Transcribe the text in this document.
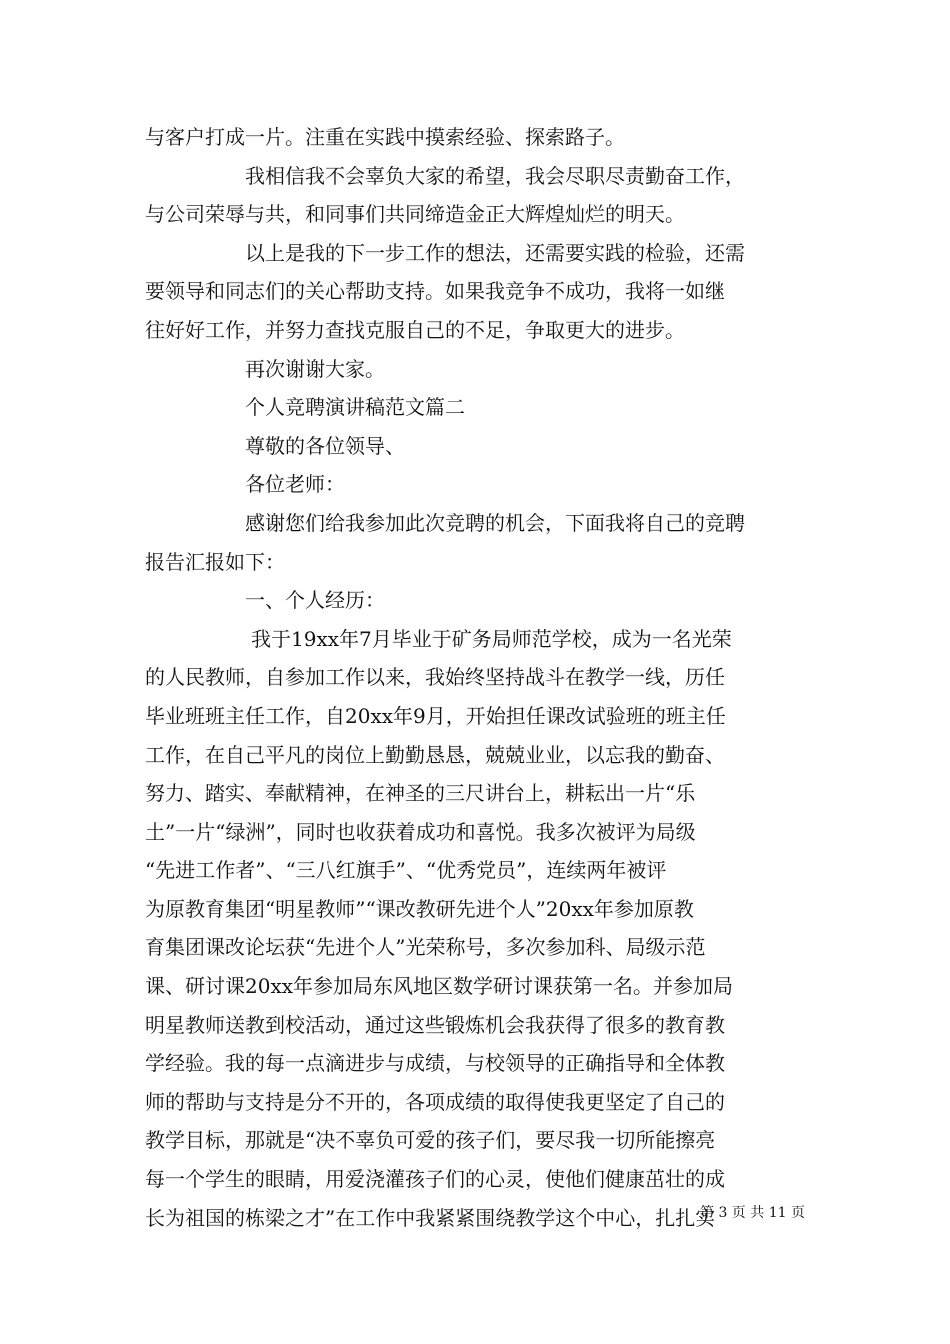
与客户打成一片。注重在实践中摸索经验、探索路子。
我相信我不会辜负大家的希望，我会尽职尽责勤奋工作，
与公司荣辱与共，和同事们共同缔造金正大辉煌灿烂的明天。
以上是我的下一步工作的想法，还需要实践的检验，还需
要领导和同志们的关心帮助支持。如果我竞争不成功，我将一如继
往好好工作，并努力查找克服自己的不足，争取更大的进步。
再次谢谢大家。
个人竞聘演讲稿范文篇二
尊敬的各位领导、
各位老师：
感谢您们给我参加此次竞聘的机会，下面我将自己的竞聘
报告汇报如下：
一、个人经历：
我于19xx年7月毕业于矿务局师范学校，成为一名光荣
的人民教师，自参加工作以来，我始终坚持战斗在教学一线，历任
毕业班班主任工作，自20xx年9月，开始担任课改试验班的班主任
工作，在自己平凡的岗位上勤勤恳恳，兢兢业业，以忘我的勤奋、
努力、踏实、奉献精神，在神圣的三尺讲台上，耕耘出一片“乐
土”一片“绿洲”，同时也收获着成功和喜悦。我多次被评为局级
“先进工作者”、“三八红旗手”、“优秀党员”，连续两年被评
为原教育集团“明星教师”“课改教研先进个人”20xx年参加原教
育集团课改论坛获“先进个人”光荣称号，多次参加科、局级示范
课、研讨课20xx年参加局东风地区数学研讨课获第一名。并参加局
明星教师送教到校活动，通过这些锻炼机会我获得了很多的教育教
学经验。我的每一点滴进步与成绩，与校领导的正确指导和全体教
师的帮助与支持是分不开的，各项成绩的取得使我更坚定了自己的
教学目标，那就是“决不辜负可爱的孩子们，要尽我一切所能擦亮
每一个学生的眼睛，用爱浇灌孩子们的心灵，使他们健康茁壮的成
长为祖国的栋梁之才”在工作中我紧紧围绕教学这个中心，扎扎实
第 3 页 共 11 页
